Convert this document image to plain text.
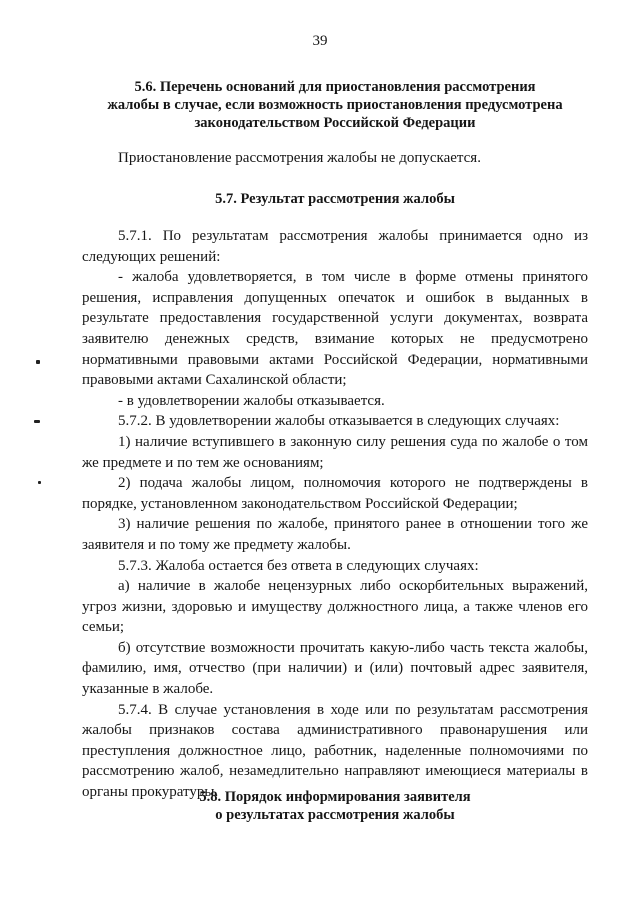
39
5.6. Перечень оснований для приостановления рассмотрения
жалобы в случае, если возможность приостановления предусмотрена
законодательством Российской Федерации
Приостановление рассмотрения жалобы не допускается.
5.7. Результат рассмотрения жалобы
5.7.1. По результатам рассмотрения жалобы принимается одно из следующих решений:
- жалоба удовлетворяется, в том числе в форме отмены принятого решения, исправления допущенных опечаток и ошибок в выданных в результате предоставления государственной услуги документах, возврата заявителю денежных средств, взимание которых не предусмотрено нормативными правовыми актами Российской Федерации, нормативными правовыми актами Сахалинской области;
- в удовлетворении жалобы отказывается.
5.7.2. В удовлетворении жалобы отказывается в следующих случаях:
1) наличие вступившего в законную силу решения суда по жалобе о том же предмете и по тем же основаниям;
2) подача жалобы лицом, полномочия которого не подтверждены в порядке, установленном законодательством Российской Федерации;
3) наличие решения по жалобе, принятого ранее в отношении того же заявителя и по тому же предмету жалобы.
5.7.3. Жалоба остается без ответа в следующих случаях:
а) наличие в жалобе нецензурных либо оскорбительных выражений, угроз жизни, здоровью и имуществу должностного лица, а также членов его семьи;
б) отсутствие возможности прочитать какую-либо часть текста жалобы, фамилию, имя, отчество (при наличии) и (или) почтовый адрес заявителя, указанные в жалобе.
5.7.4. В случае установления в ходе или по результатам рассмотрения жалобы признаков состава административного правонарушения или преступления должностное лицо, работник, наделенные полномочиями по рассмотрению жалоб, незамедлительно направляют имеющиеся материалы в органы прокуратуры.
5.8. Порядок информирования заявителя
о результатах рассмотрения жалобы
